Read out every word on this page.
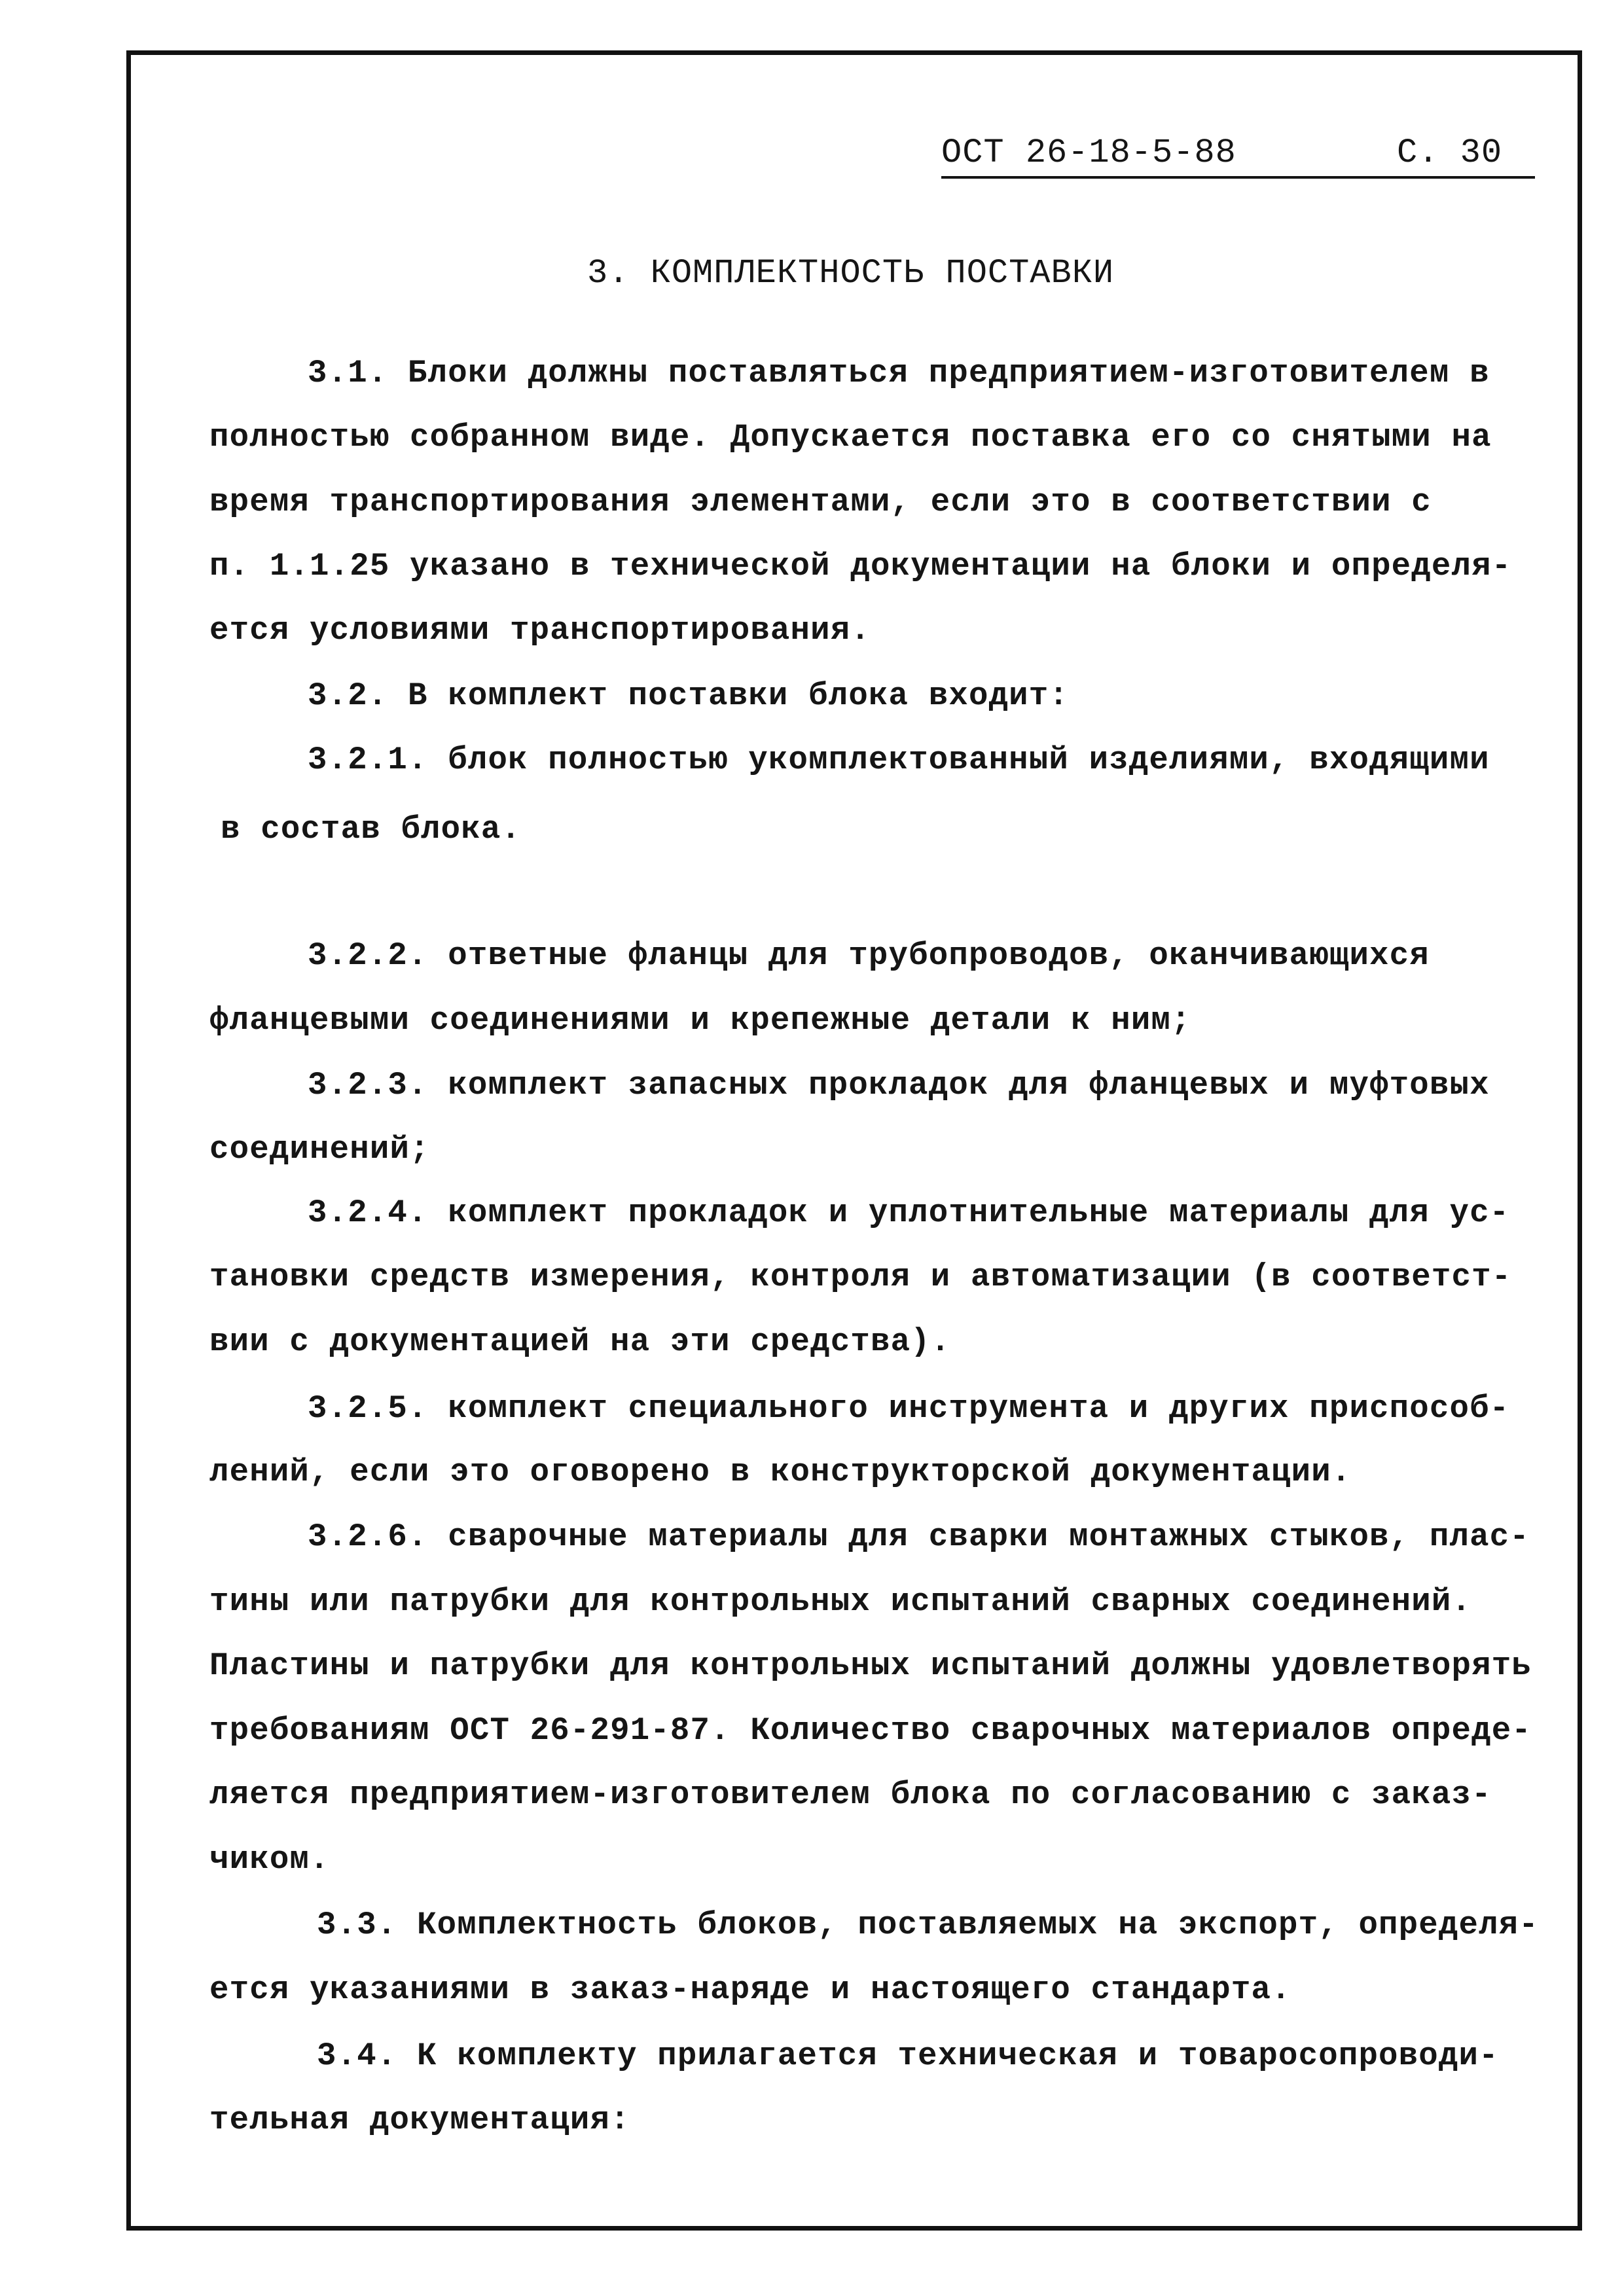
ОСТ 26-18-5-88	С. 30
3. КОМПЛЕКТНОСТЬ ПОСТАВКИ
3.1. Блоки должны поставляться предприятием-изготовителем в
полностью собранном виде. Допускается поставка его со снятыми на
время транспортирования элементами, если это в соответствии с
п. 1.1.25 указано в технической документации на блоки и определя-
ется условиями транспортирования.
3.2. В комплект поставки блока входит:
3.2.1. блок полностью укомплектованный изделиями, входящими
в состав блока.
3.2.2. ответные фланцы для трубопроводов, оканчивающихся
фланцевыми соединениями и крепежные детали к ним;
3.2.3. комплект запасных прокладок для фланцевых и муфтовых
соединений;
3.2.4. комплект прокладок и уплотнительные материалы для ус-
тановки средств измерения, контроля и автоматизации (в соответст-
вии с документацией на эти средства).
3.2.5. комплект специального инструмента и других приспособ-
лений, если это оговорено в конструкторской документации.
3.2.6. сварочные материалы для сварки монтажных стыков, плас-
тины или патрубки для контрольных испытаний сварных соединений.
Пластины и патрубки для контрольных испытаний должны удовлетворять
требованиям ОСТ 26-291-87. Количество сварочных материалов опреде-
ляется предприятием-изготовителем блока по согласованию с заказ-
чиком.
3.3. Комплектность блоков, поставляемых на экспорт, определя-
ется указаниями в заказ-наряде и настоящего стандарта.
3.4. К комплекту прилагается техническая и товаросопроводи-
тельная документация:
